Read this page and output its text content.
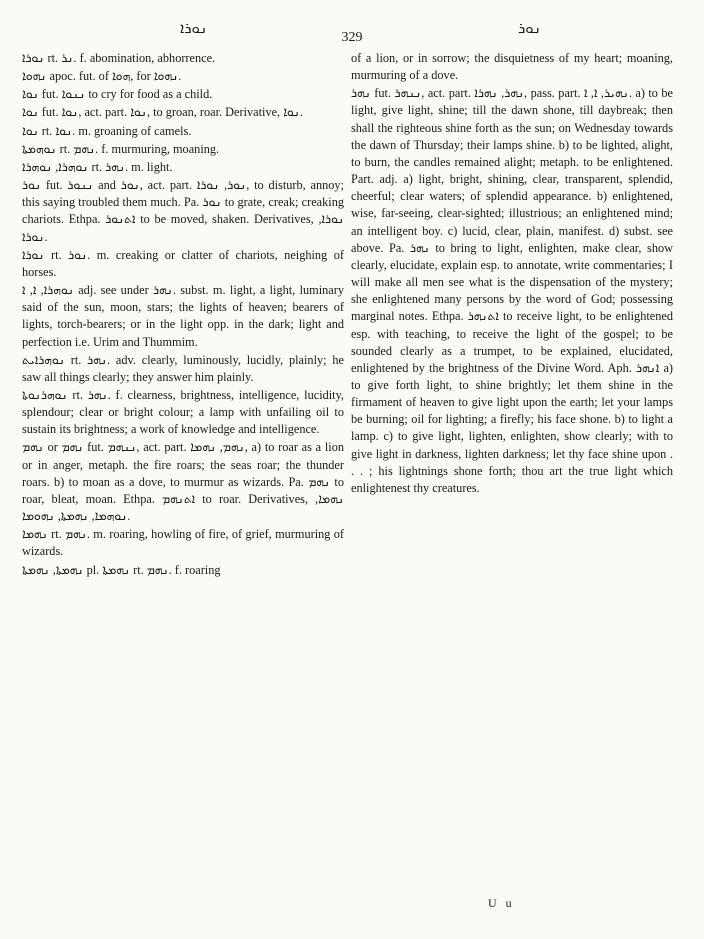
ܢܘܪܐ
329
ܢܘܪ

ܢܘܪܐ rt. ܢܪ. f. abomination, abhorrence.

ܢܗܘܐ apoc. fut. of ܗܘܐ, for ܢܗܘܐ.

ܢܘܐ fut. ܢܢܘܐ to cry for food as a child.

ܢܘܐ fut. ܢܘܐ, act. part. ܢܘܐ, to groan, roar. Derivative, ܢܘܐ.

ܢܘܐ rt. ܢܘܐ. m. groaning of camels.

ܢܘܗܡܬܐ rt. ܢܗܡ. f. murmuring, moaning.

ܢܘܗܪܐ, ܢܘܗܪܐ rt. ܢܗܪ. m. light.

ܢܘܪ fut. ܢܢܘܪ and ܢܘܪ, act. part. ܢܘܪ, ܢܘܪܐ, to disturb, annoy; this saying troubled them much. Pa. ܢܘܪ to grate, creak; creaking chariots. Ethpa. ܐܬܢܘܪ to be moved, shaken. Derivatives, ܢܘܪܐ, ܢܘܪܐ.

ܢܘܪܐ rt. ܢܘܪ. m. creaking or clatter of chariots, neighing of horses.

ܢܘܗܪܐ, ܐ, ܐ adj. see under ܢܗܪ. subst. m. light, a light, luminary said of the sun, moon, stars; the lights of heaven; bearers of lights, torch-bearers; or in the light opp. in the dark; light and perfection i.e. Urim and Thummim.

ܢܘܗܪܐܝܬ rt. ܢܗܪ. adv. clearly, luminously, lucidly, plainly; he saw all things clearly; they answer him plainly.

ܢܘܗܪܢܘܬܐ rt. ܢܗܪ. f. clearness, brightness, intelligence, lucidity, splendour; clear or bright colour; a lamp with unfailing oil to sustain its brightness; a work of knowledge and intelligence.

ܢܗܡ or ܢܗܡ fut. ܢܢܗܡ, act. part. ܢܗܡ, ܢܗܡܐ, a) to roar as a lion or in anger, metaph. the fire roars; the seas roar; the thunder roars. b) to moan as a dove, to murmur as wizards. Pa. ܢܗܡ to roar, bleat, moan. Ethpa. ܐܬܢܗܡ to roar. Derivatives, ܢܗܡܐ, ܢܘܗܡܐ, ܢܗܡܬܐ, ܢܗܘܡܐ.

ܢܗܡܐ rt. ܢܗܡ. m. roaring, howling of fire, of grief, murmuring of wizards.

ܢܗܡܬܐ, ܢܗܡܬܐ pl. ܢܗܡܬܐ rt. ܢܗܡ. f. roaring

of a lion, or in sorrow; the disquietness of my heart; moaning, murmuring of a dove.

ܢܗܪ fut. ܢܢܗܪ, act. part. ܢܗܪ, ܢܗܪܐ, pass. part. ܢܗܝܪ, ܐ, ܐ. a) to be light, give light, shine; till the dawn shone, till daybreak; then shall the righteous shine forth as the sun; on Wednesday towards the dawn of Thursday; their lamps shine. b) to be lighted, alight, to burn, the candles remained alight; metaph. to be enlightened. Part. adj. a) light, bright, shining, clear, transparent, splendid, cheerful; clear waters; of splendid appearance. b) enlightened, wise, far-seeing, clear-sighted; illustrious; an enlightened mind; an intelligent boy. c) lucid, clear, plain, manifest. d) subst. see above. Pa. ܢܗܪ to bring to light, enlighten, make clear, show clearly, elucidate, explain esp. to annotate, write commentaries; I will make all men see what is the dispensation of the mystery; she enlightened many persons by the word of God; possessing marginal notes. Ethpa. ܐܬܢܗܪ to receive light, to be enlightened esp. with teaching, to receive the light of the gospel; to be sounded clearly as a trumpet, to be explained, elucidated, enlightened by the brightness of the Divine Word. Aph. ܐܢܗܪ a) to give forth light, to shine brightly; let them shine in the firmament of heaven to give light upon the earth; let your lamps be burning; oil for lighting; a firefly; his face shone. b) to light a lamp. c) to give light, lighten, enlighten, show clearly; with to give light in darkness, lighten darkness; let thy face shine upon . . . ; his lightnings shone forth; thou art the true light which enlightenest thy creatures.

U u
